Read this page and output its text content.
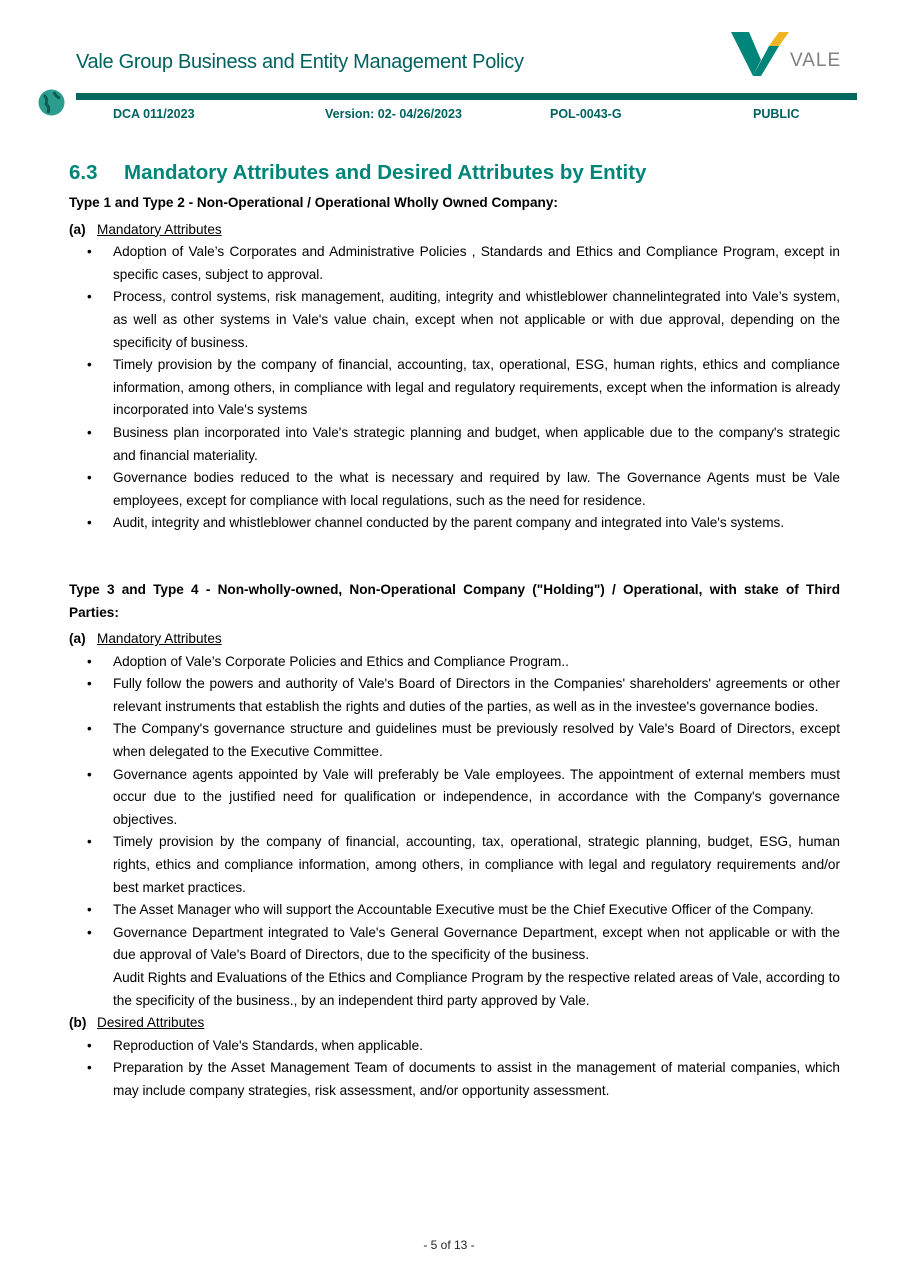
Vale Group Business and Entity Management Policy	VALE
DCA 011/2023	Version: 02- 04/26/2023	POL-0043-G	PUBLIC
6.3 Mandatory Attributes and Desired Attributes by Entity

Type 1 and Type 2 - Non-Operational / Operational Wholly Owned Company:

(a) Mandatory Attributes

• Adoption of Vale’s Corporates and Administrative Policies , Standards and Ethics and Compliance Program, except in specific cases, subject to approval.
• Process, control systems, risk management, auditing, integrity and whistleblower channelintegrated into Vale’s system, as well as other systems in Vale's value chain, except when not applicable or with due approval, depending on the specificity of business.
• Timely provision by the company of financial, accounting, tax, operational, ESG, human rights, ethics and compliance information, among others, in compliance with legal and regulatory requirements, except when the information is already incorporated into Vale's systems
• Business plan incorporated into Vale's strategic planning and budget, when applicable due to the company's strategic and financial materiality.
• Governance bodies reduced to the what is necessary and required by law. The Governance Agents must be Vale employees, except for compliance with local regulations, such as the need for residence.
• Audit, integrity and whistleblower channel conducted by the parent company and integrated into Vale's systems.

Type 3 and Type 4 - Non-wholly-owned, Non-Operational Company ("Holding") / Operational, with stake of Third Parties:

(a) Mandatory Attributes

• Adoption of Vale’s Corporate Policies and Ethics and Compliance Program..
• Fully follow the powers and authority of Vale's Board of Directors in the Companies' shareholders' agreements or other relevant instruments that establish the rights and duties of the parties, as well as in the investee's governance bodies.
• The Company's governance structure and guidelines must be previously resolved by Vale's Board of Directors, except when delegated to the Executive Committee.
• Governance agents appointed by Vale will preferably be Vale employees. The appointment of external members must occur due to the justified need for qualification or independence, in accordance with the Company's governance objectives.
• Timely provision by the company of financial, accounting, tax, operational, strategic planning, budget, ESG, human rights, ethics and compliance information, among others, in compliance with legal and regulatory requirements and/or best market practices.
• The Asset Manager who will support the Accountable Executive must be the Chief Executive Officer of the Company.
• Governance Department integrated to Vale's General Governance Department, except when not applicable or with the due approval of Vale's Board of Directors, due to the specificity of the business.
Audit Rights and Evaluations of the Ethics and Compliance Program by the respective related areas of Vale, according to the specificity of the business., by an independent third party approved by Vale.

(b) Desired Attributes

• Reproduction of Vale's Standards, when applicable.
• Preparation by the Asset Management Team of documents to assist in the management of material companies, which may include company strategies, risk assessment, and/or opportunity assessment.
- 5 of 13 -
